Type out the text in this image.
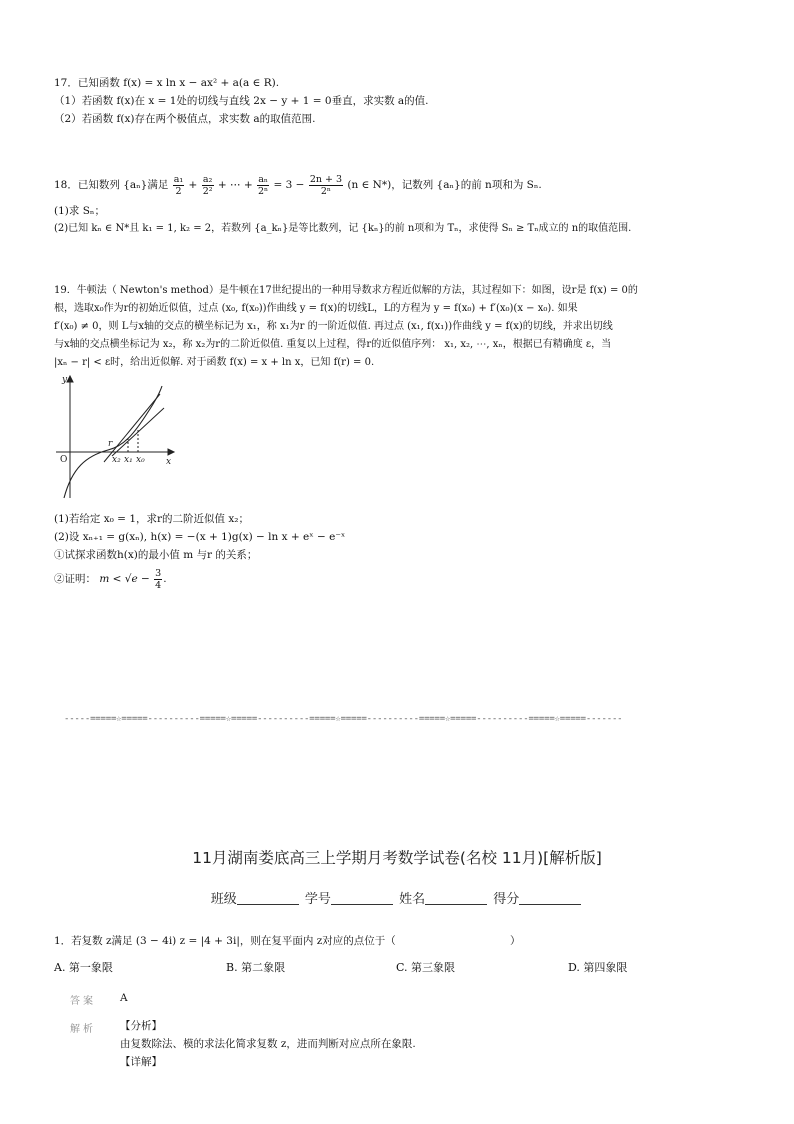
17．已知函数 f(x) = x ln x − ax² + a(a ∈ R).
（1）若函数 f(x)在 x = 1处的切线与直线 2x − y + 1 = 0垂直，求实数 a的值.
（2）若函数 f(x)存在两个极值点，求实数 a的取值范围.
18．已知数列 {aₙ}满足 $\frac{\text{a₁}}{2} + \frac{\text{a₂}}{\text{2²}}$ + ⋯ + $\frac{\text{aₙ}}{\text{2ⁿ}} = 3 - \frac{2n + 3}{\text{2ⁿ}} (n$ ∈ N*)，记数列 {aₙ}的前 n项和为 Sₙ.
(1)求 Sₙ；
(2)已知 kₙ ∈ N*且 k₁ = 1, k₂ = 2，若数列 {a_kₙ}是等比数列，记 {kₙ}的前 n项和为 Tₙ，求使得 Sₙ ≥ Tₙ成立的 n的取值范围.
19．牛顿法（ Newton's method）是牛顿在17世纪提出的一种用导数求方程近似解的方法，其过程如下：如图，设r是 f(x) = 0的
根，选取x₀作为r的初始近似值，过点 (x₀, f(x₀))作曲线 y = f(x)的切线L，L的方程为 y = f(x₀) + f′(x₀)(x − x₀). 如果
f′(x₀) ≠ 0，则 L与x轴的交点的横坐标记为 x₁，称 x₁为r 的一阶近似值. 再过点 (x₁, f(x₁))作曲线 y = f(x)的切线，并求出切线
与x轴的交点横坐标记为 x₂，称 x₂为r的二阶近似值. 重复以上过程，得r的近似值序列： x₁, x₂, ⋯, xₙ，根据已有精确度 ε，当
|xₙ − r| < ε时，给出近似解. 对于函数 f(x) = x + ln x，已知 f(r) = 0.
y
x
O
r
x₂ x₁ x₀
(1)若给定 x₀ = 1，求r的二阶近似值 x₂；
(2)设 xₙ₊₁ = g(xₙ), h(x) = −(x + 1)g(x) − ln x + eˣ − e⁻ˣ
①试探求函数h(x)的最小值 m 与r 的关系；
②证明： $m < √e - \frac{3}{4}$ .
-----=====☆=====----------=====☆=====----------=====☆=====----------=====☆=====----------=====☆=====-------
11月湖南娄底高三上学期月考数学试卷(名校 11月)[解析版]
班级	学号	姓名	得分
1．若复数 z满足 (3 − 4i) z = |4 + 3i|，则在复平面内 z对应的点位于（	）
A. 第一象限	B. 第二象限	C. 第三象限	D. 第四象限
答案 A
解析 【分析】
由复数除法、模的求法化简求复数 z，进而判断对应点所在象限.
【详解】
